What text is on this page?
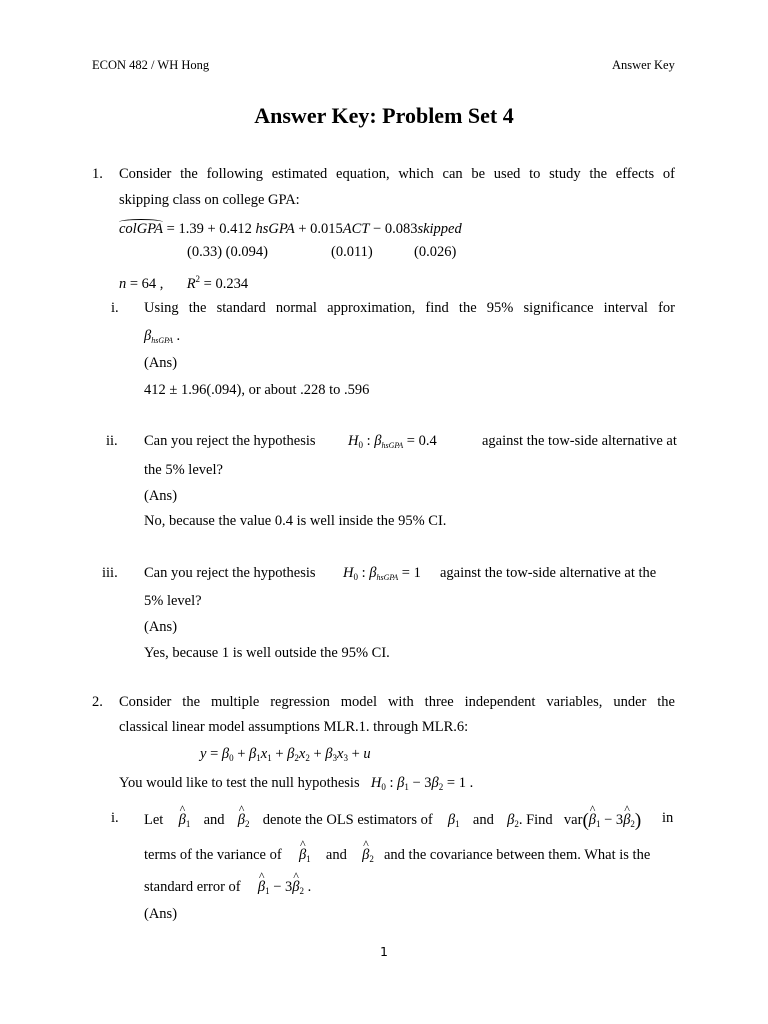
ECON 482 / WH Hong	Answer Key
Answer Key: Problem Set 4
1. Consider the following estimated equation, which can be used to study the effects of
skipping class on college GPA:
colGPA = 1.39 + 0.412 hsGPA + 0.015ACT − 0.083skipped
(0.33) (0.094)	(0.011)	(0.026)
n = 64 , $R^2 = 0.234$
i. Using the standard normal approximation, find the 95% significance interval for
$\beta_{hsGPA}$ .
(Ans)
412 ± 1.96(.094), or about .228 to .596
ii. Can you reject the hypothesis $H_0$ : $\beta_{hsGPA} = 0.4$	against the tow-side alternative at
the 5% level?
(Ans)
No, because the value 0.4 is well inside the 95% CI.
iii. Can you reject the hypothesis $H_0$ : $\beta_{hsGPA} = 1$ against the tow-side alternative at the
5% level?
(Ans)
Yes, because 1 is well outside the 95% CI.
2. Consider the multiple regression model with three independent variables, under the
classical linear model assumptions MLR.1. through MLR.6:
$y = \beta_0 + \beta_1x_1 + \beta_2x_2 + \beta_3x_3 + u$
You would like to test the null hypothesis $H_0$ : $\beta_1 - 3\beta_2 = 1$ .
i. Let ^ $\beta_1$ and ^ $\beta_2$ denote the OLS estimators of $\beta_1$ and $\beta_2$. Find var(^ $\beta_1$ − 3^ $\beta_2$)	in
terms of the variance of ^ $\beta_1$ and ^ $\beta_2$ and the covariance between them. What is the
standard error of ^ $\beta_1$ − 3^ $\beta_2$ .
(Ans)
1
